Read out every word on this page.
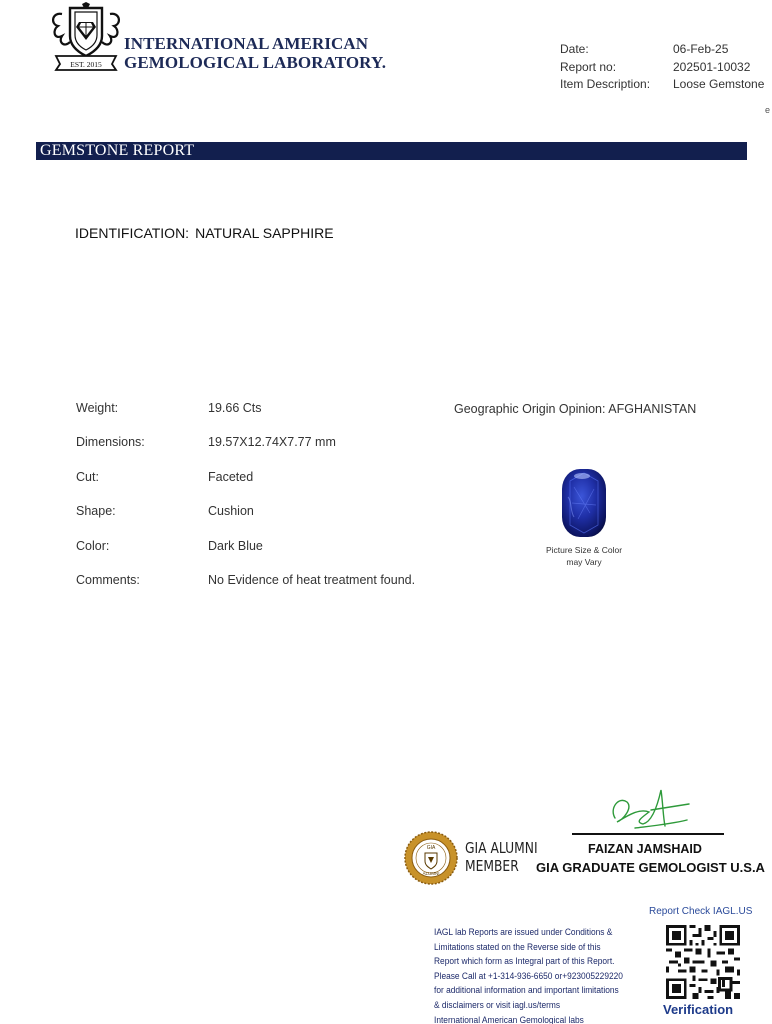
EST. 2015
INTERNATIONAL AMERICAN
GEMOLOGICAL LABORATORY.
Date:	06-Feb-25
Report no:	202501-10032
Item Description: Loose Gemstone
e
GEMSTONE REPORT
IDENTIFICATION: NATURAL SAPPHIRE
Weight:	19.66 Cts
Dimensions:	19.57X12.74X7.77 mm
Cut:	Faceted
Shape:	Cushion
Color:	Dark Blue
Comments:	No Evidence of heat treatment found.
Geographic Origin Opinion: AFGHANISTAN
Picture Size & Color
may Vary
FAIZAN JAMSHAID
GIA GRADUATE GEMOLOGIST U.S.A
GIA
ALUMNI
GIA ALUMNI
MEMBER
Report Check IAGL.US
IAGL lab Reports are issued under Conditions &
Limitations stated on the Reverse side of this
Report which form as Integral part of this Report.
Please Call at +1-314-936-6650 or+923005229220
for additional information and important limitations
& disclaimers or visit iagl.us/terms
International American Gemological labs
Verification
